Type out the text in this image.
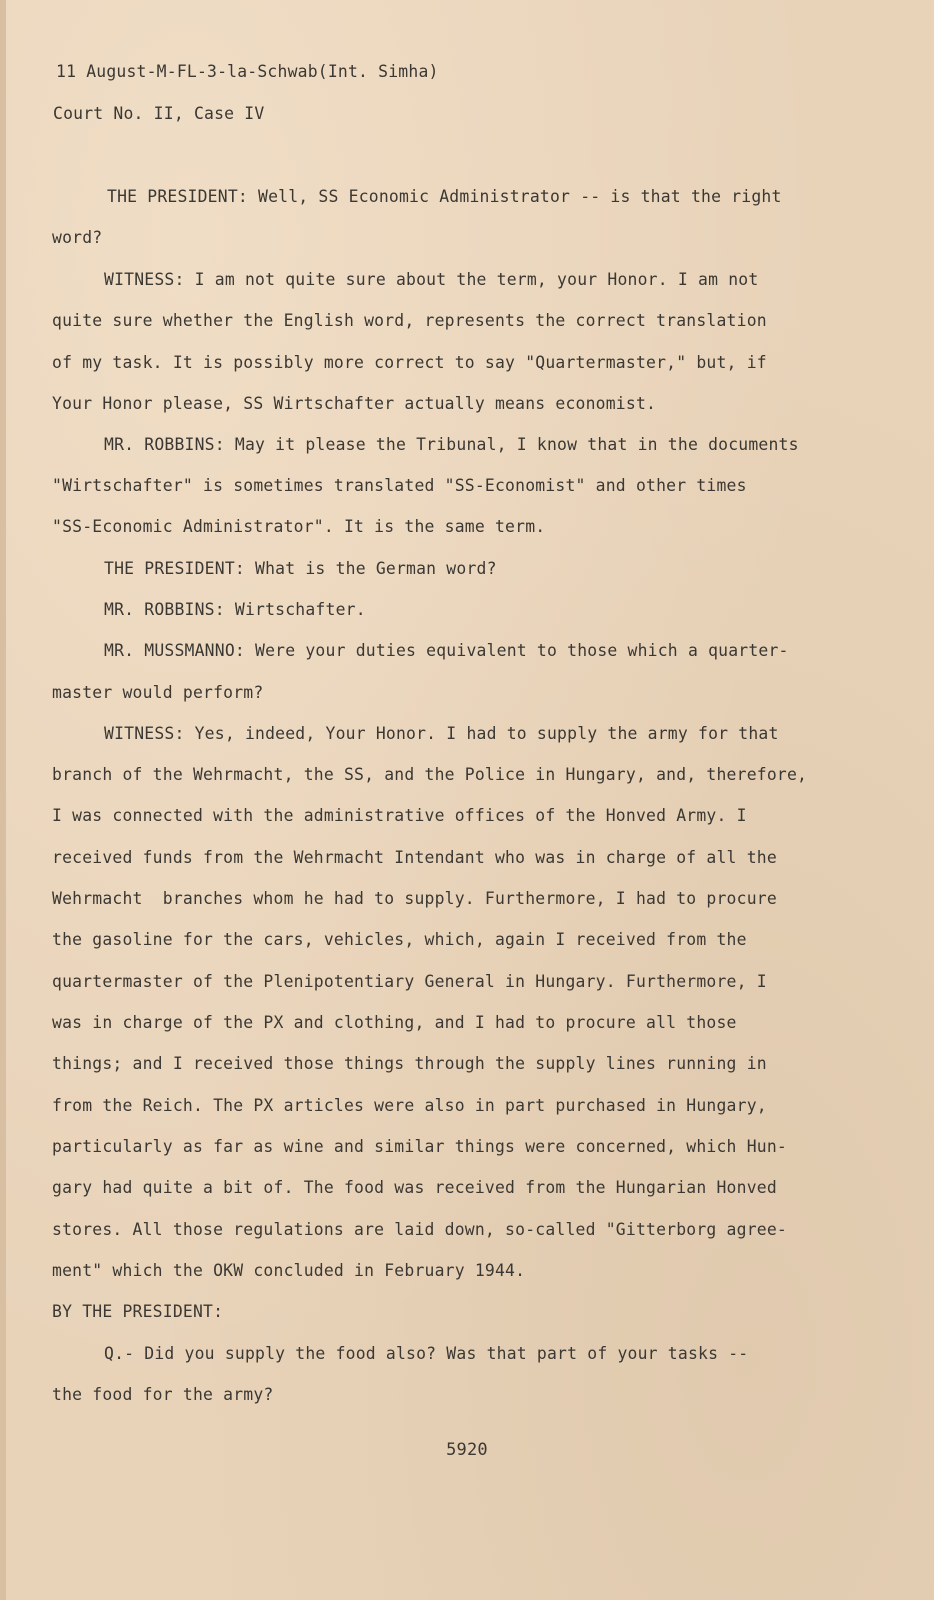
11 August-M-FL-3-la-Schwab(Int. Simha)
Court No. II, Case IV
THE PRESIDENT: Well, SS Economic Administrator -- is that the right
word?
WITNESS: I am not quite sure about the term, your Honor. I am not
quite sure whether the English word, represents the correct translation
of my task. It is possibly more correct to say "Quartermaster," but, if
Your Honor please, SS Wirtschafter actually means economist.
MR. ROBBINS: May it please the Tribunal, I know that in the documents
"Wirtschafter" is sometimes translated "SS-Economist" and other times
"SS-Economic Administrator". It is the same term.
THE PRESIDENT: What is the German word?
MR. ROBBINS: Wirtschafter.
MR. MUSSMANNO: Were your duties equivalent to those which a quarter-
master would perform?
WITNESS: Yes, indeed, Your Honor. I had to supply the army for that
branch of the Wehrmacht, the SS, and the Police in Hungary, and, therefore,
I was connected with the administrative offices of the Honved Army. I
received funds from the Wehrmacht Intendant who was in charge of all the
Wehrmacht  branches whom he had to supply. Furthermore, I had to procure
the gasoline for the cars, vehicles, which, again I received from the
quartermaster of the Plenipotentiary General in Hungary. Furthermore, I
was in charge of the PX and clothing, and I had to procure all those
things; and I received those things through the supply lines running in
from the Reich. The PX articles were also in part purchased in Hungary,
particularly as far as wine and similar things were concerned, which Hun-
gary had quite a bit of. The food was received from the Hungarian Honved
stores. All those regulations are laid down, so-called "Gitterborg agree-
ment" which the OKW concluded in February 1944.
BY THE PRESIDENT:
Q.- Did you supply the food also? Was that part of your tasks --
the food for the army?
5920
